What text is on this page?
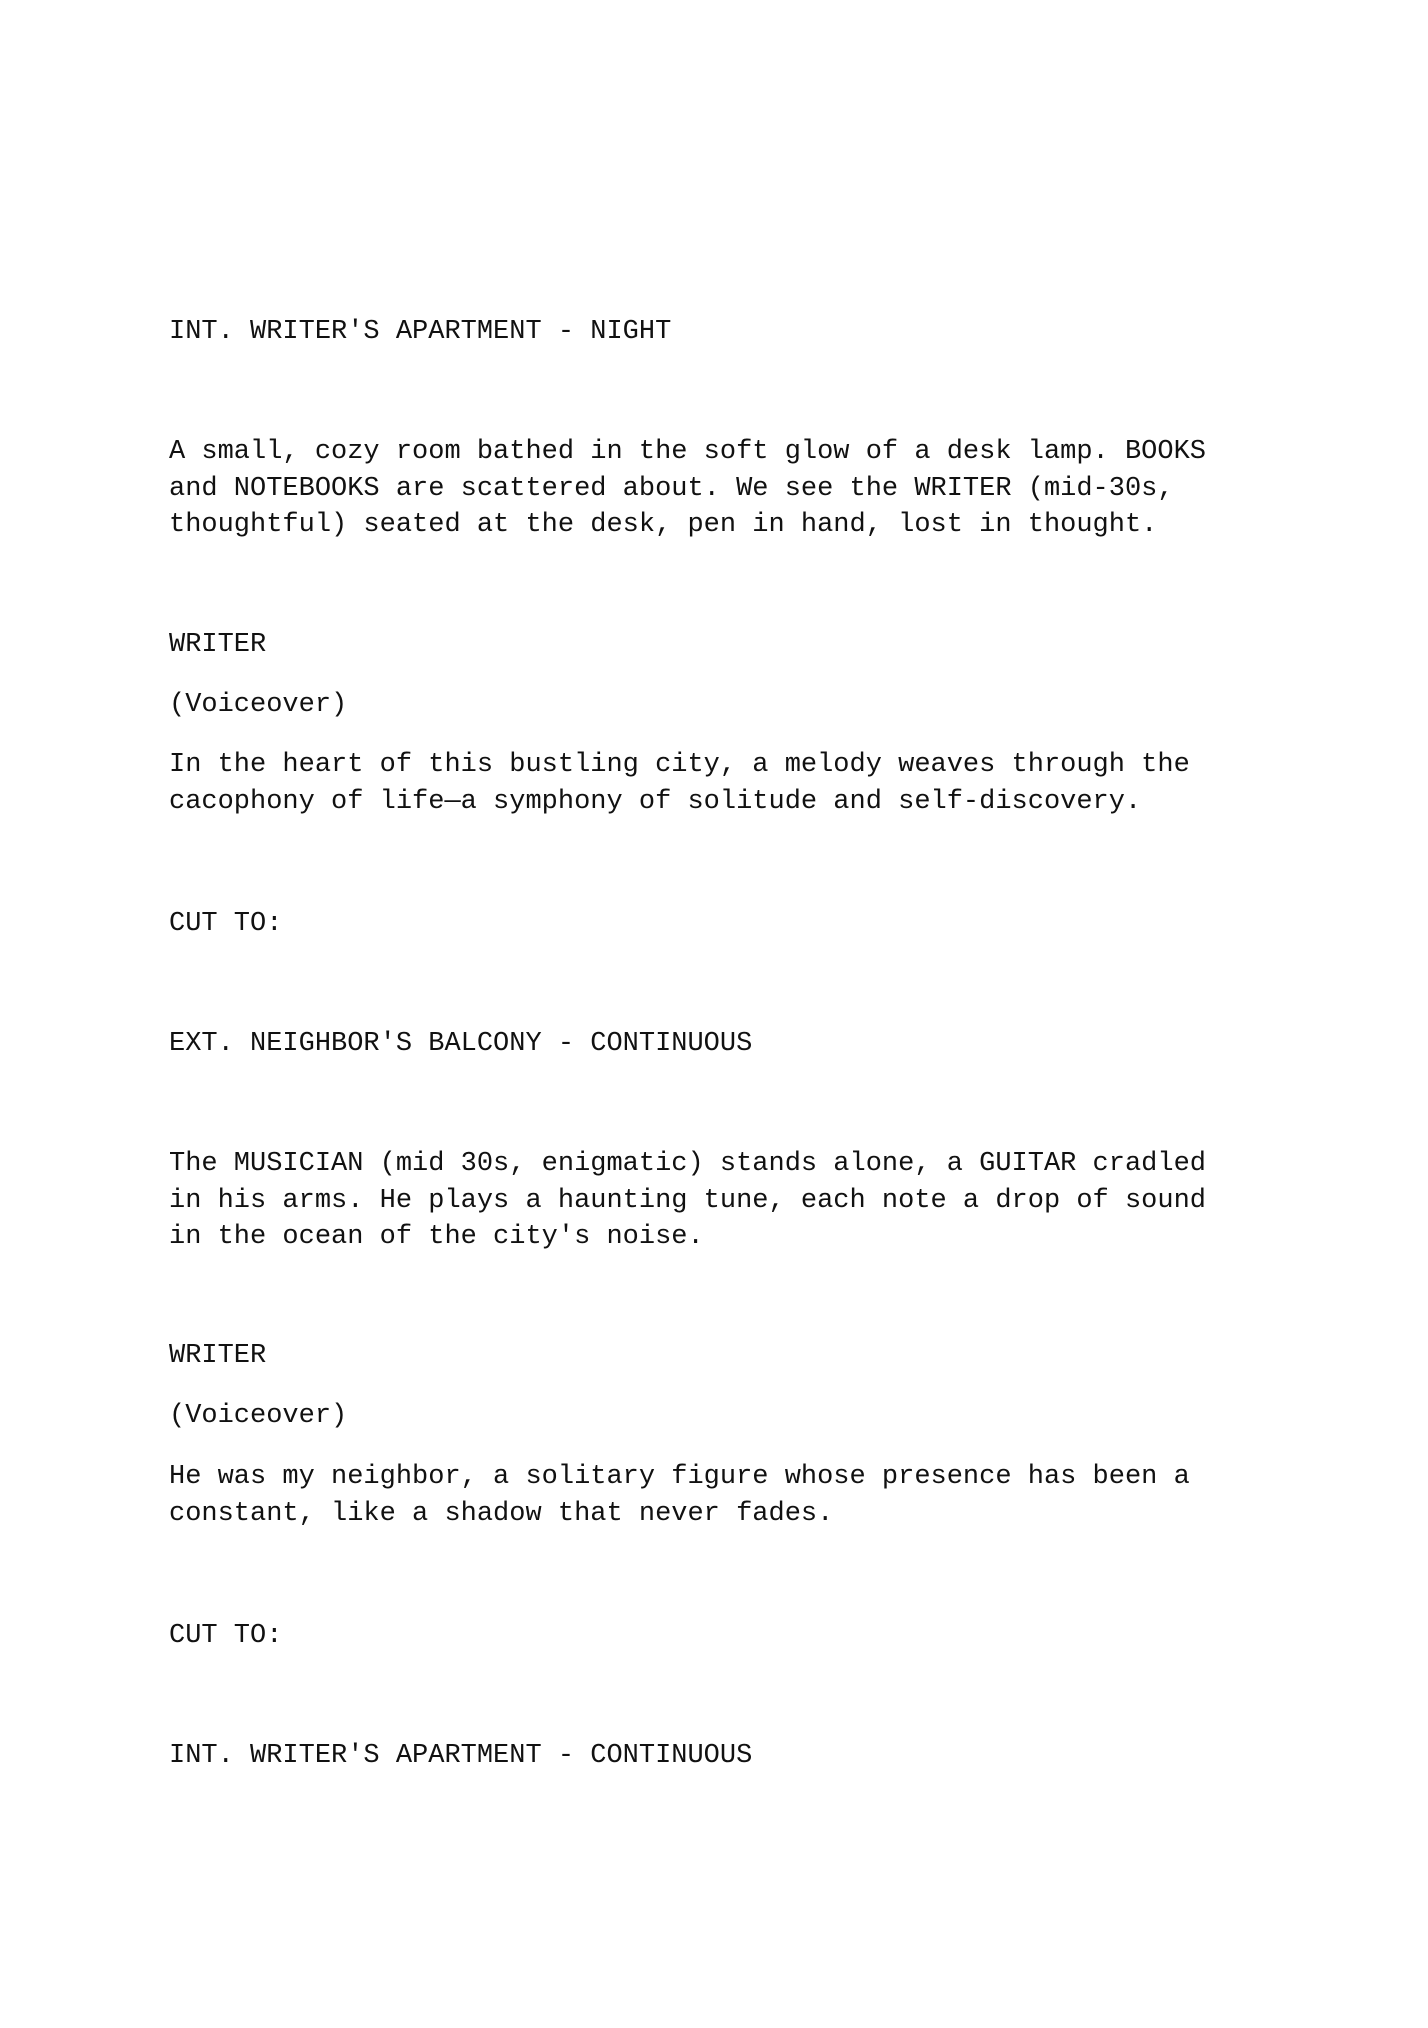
INT. WRITER'S APARTMENT - NIGHT

A small, cozy room bathed in the soft glow of a desk lamp. BOOKS
and NOTEBOOKS are scattered about. We see the WRITER (mid-30s,
thoughtful) seated at the desk, pen in hand, lost in thought.

WRITER

(Voiceover)

In the heart of this bustling city, a melody weaves through the
cacophony of life—a symphony of solitude and self-discovery.

CUT TO:

EXT. NEIGHBOR'S BALCONY - CONTINUOUS

The MUSICIAN (mid 30s, enigmatic) stands alone, a GUITAR cradled
in his arms. He plays a haunting tune, each note a drop of sound
in the ocean of the city's noise.

WRITER

(Voiceover)

He was my neighbor, a solitary figure whose presence has been a
constant, like a shadow that never fades.

CUT TO:

INT. WRITER'S APARTMENT - CONTINUOUS
